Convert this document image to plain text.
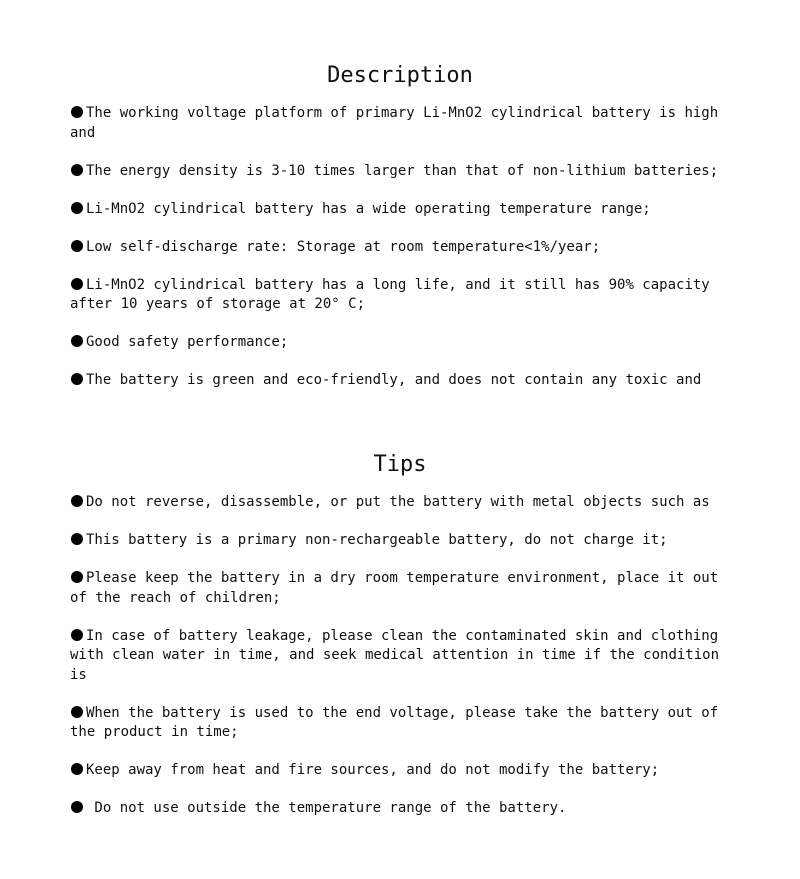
Description
The working voltage platform of primary Li-MnO2 cylindrical battery is high and
The energy density is 3-10 times larger than that of non-lithium batteries;
Li-MnO2 cylindrical battery has a wide operating temperature range;
Low self-discharge rate: Storage at room temperature<1%/year;
Li-MnO2 cylindrical battery has a long life, and it still has 90% capacity after 10 years of storage at 20° C;
Good safety performance;
The battery is green and eco-friendly, and does not contain any toxic and
Tips
Do not reverse, disassemble, or put the battery with metal objects such as
This battery is a primary non-rechargeable battery, do not charge it;
Please keep the battery in a dry room temperature environment, place it out of the reach of children;
In case of battery leakage, please clean the contaminated skin and clothing with clean water in time, and seek medical attention in time if the condition is
When the battery is used to the end voltage, please take the battery out of the product in time;
Keep away from heat and fire sources, and do not modify the battery;
Do not use outside the temperature range of the battery.
